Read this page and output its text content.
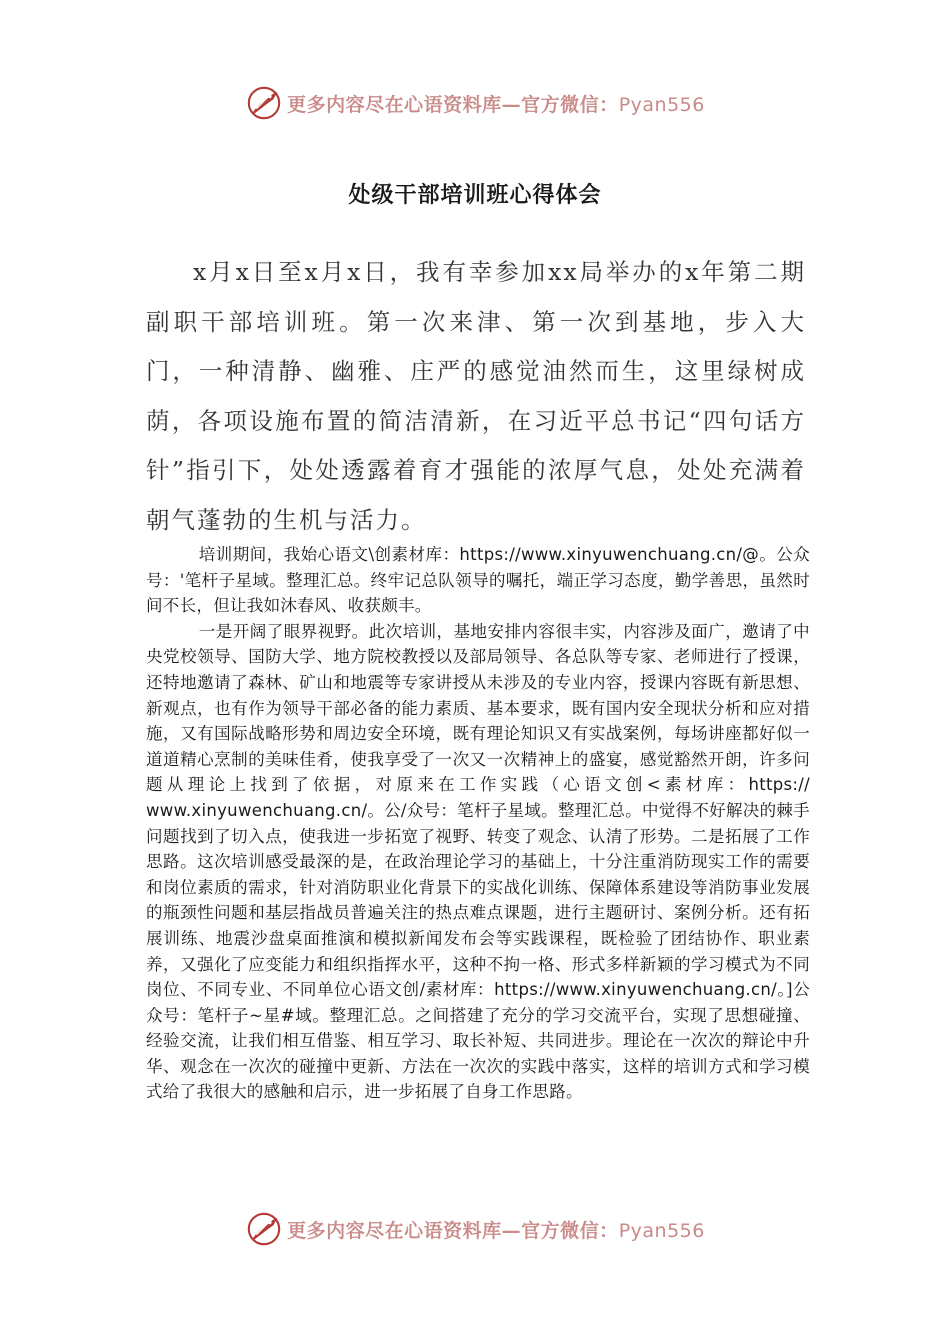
更多内容尽在心语资料库—官方微信：Pyan556
处级干部培训班心得体会

x月x日至x月x日，我有幸参加xx局举办的x年第二期副职干部培训班。第一次来津、第一次到基地，步入大门，一种清静、幽雅、庄严的感觉油然而生，这里绿树成荫，各项设施布置的简洁清新，在习近平总书记“四句话方针”指引下，处处透露着育才强能的浓厚气息，处处充满着朝气蓬勃的生机与活力。

培训期间，我始心语文\创素材库：https://www.xinyuwenchuang.cn/@。公众号：'笔杆子星域。整理汇总。终牢记总队领导的嘱托，端正学习态度，勤学善思，虽然时间不长，但让我如沐春风、收获颇丰。

一是开阔了眼界视野。此次培训，基地安排内容很丰实，内容涉及面广，邀请了中央党校领导、国防大学、地方院校教授以及部局领导、各总队等专家、老师进行了授课，还特地邀请了森林、矿山和地震等专家讲授从未涉及的专业内容，授课内容既有新思想、新观点，也有作为领导干部必备的能力素质、基本要求，既有国内安全现状分析和应对措施，又有国际战略形势和周边安全环境，既有理论知识又有实战案例，每场讲座都好似一道道精心烹制的美味佳肴，使我享受了一次又一次精神上的盛宴，感觉豁然开朗，许多问题从理论上找到了依据，对原来在工作实践（心语文创<素材库：https:// www.xinyuwenchuang.cn/。公/众号：笔杆子星域。整理汇总。中觉得不好解决的棘手问题找到了切入点，使我进一步拓宽了视野、转变了观念、认清了形势。二是拓展了工作思路。这次培训感受最深的是，在政治理论学习的基础上，十分注重消防现实工作的需要和岗位素质的需求，针对消防职业化背景下的实战化训练、保障体系建设等消防事业发展的瓶颈性问题和基层指战员普遍关注的热点难点课题，进行主题研讨、案例分析。还有拓展训练、地震沙盘桌面推演和模拟新闻发布会等实践课程，既检验了团结协作、职业素养，又强化了应变能力和组织指挥水平，这种不拘一格、形式多样新颖的学习模式为不同岗位、不同专业、不同单位心语文创/素材库：https://www.xinyuwenchuang.cn/。]公众号：笔杆子~星#域。整理汇总。之间搭建了充分的学习交流平台，实现了思想碰撞、经验交流，让我们相互借鉴、相互学习、取长补短、共同进步。理论在一次次的辩论中升华、观念在一次次的碰撞中更新、方法在一次次的实践中落实，这样的培训方式和学习模式给了我很大的感触和启示，进一步拓展了自身工作思路。

更多内容尽在心语资料库—官方微信：Pyan556
